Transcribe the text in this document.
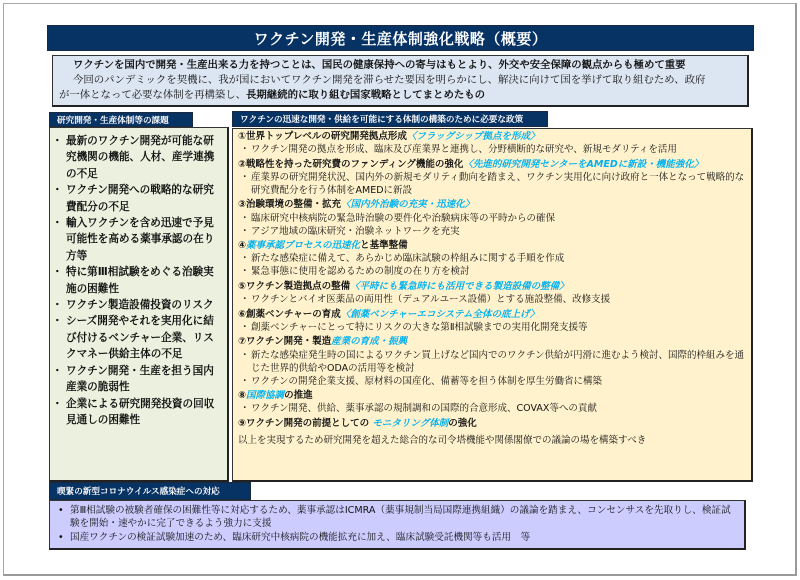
ワクチン開発・生産体制強化戦略（概要）
ワクチンを国内で開発・生産出来る力を持つことは、国民の健康保持への寄与はもとより、外交や安全保障の観点からも極めて重要
今回のパンデミックを契機に、我が国においてワクチン開発を滞らせた要因を明らかにし、解決に向けて国を挙げて取り組むため、政府
が一体となって必要な体制を再構築し、長期継続的に取り組む国家戦略としてまとめたもの
研究開発・生産体制等の課題
・ 最新のワクチン開発が可能な研究機関の機能、人材、産学連携の不足
・ ワクチン開発への戦略的な研究費配分の不足
・ 輸入ワクチンを含め迅速で予見可能性を高める薬事承認の在り方等
・ 特に第Ⅲ相試験をめぐる治験実施の困難性
・ ワクチン製造設備投資のリスク
・ シーズ開発やそれを実用化に結び付けるベンチャー企業、リスクマネー供給主体の不足
・ ワクチン開発・生産を担う国内産業の脆弱性
・ 企業による研究開発投資の回収見通しの困難性
ワクチンの迅速な開発・供給を可能にする体制の構築のために必要な政策
①世界トップレベルの研究開発拠点形成〈フラッグシップ拠点を形成〉
・ ワクチン開発の拠点を形成、臨床及び産業界と連携し、分野横断的な研究や、新規モダリティを活用
②戦略性を持った研究費のファンディング機能の強化〈先進的研究開発センターをAMEDに新設・機能強化〉
・ 産業界の研究開発状況、国内外の新規モダリティ動向を踏まえ、ワクチン実用化に向け政府と一体となって戦略的な研究費配分を行う体制をAMEDに新設
③治験環境の整備・拡充〈国内外治験の充実・迅速化〉
・ 臨床研究中核病院の緊急時治験の要件化や治験病床等の平時からの確保
・ アジア地域の臨床研究・治験ネットワークを充実
④薬事承認プロセスの迅速化と基準整備
・ 新たな感染症に備えて、あらかじめ臨床試験の枠組みに関する手順を作成
・ 緊急事態に使用を認めるための制度の在り方を検討
⑤ワクチン製造拠点の整備〈平時にも緊急時にも活用できる製造設備の整備〉
・ ワクチンとバイオ医薬品の両用性（デュアルユース設備）とする施設整備、改修支援
⑥創薬ベンチャーの育成〈創薬ベンチャーエコシステム全体の底上げ〉
・ 創薬ベンチャーにとって特にリスクの大きな第Ⅱ相試験までの実用化開発支援等
⑦ワクチン開発・製造産業の育成・振興
・ 新たな感染症発生時の国によるワクチン買上げなど国内でのワクチン供給が円滑に進むよう検討、国際的枠組みを通じた世界的供給やODAの活用等を検討
・ ワクチンの開発企業支援、原材料の国産化、備蓄等を担う体制を厚生労働省に構築
⑧国際協調の推進
・ ワクチン開発、供給、薬事承認の規制調和の国際的合意形成、COVAX等への貢献
⑨ワクチン開発の前提としての モニタリング体制の強化
以上を実現するため研究開発を超えた総合的な司令塔機能や関係閣僚での議論の場を構築すべき
喫緊の新型コロナウイルス感染症への対応
• 第Ⅲ相試験の被験者確保の困難性等に対応するため、薬事承認はICMRA（薬事規制当局国際連携組織）の議論を踏まえ、コンセンサスを先取りし、検証試験を開始・速やかに完了できるよう強力に支援
• 国産ワクチンの検証試験加速のため、臨床研究中核病院の機能拡充に加え、臨床試験受託機関等も活用　等
